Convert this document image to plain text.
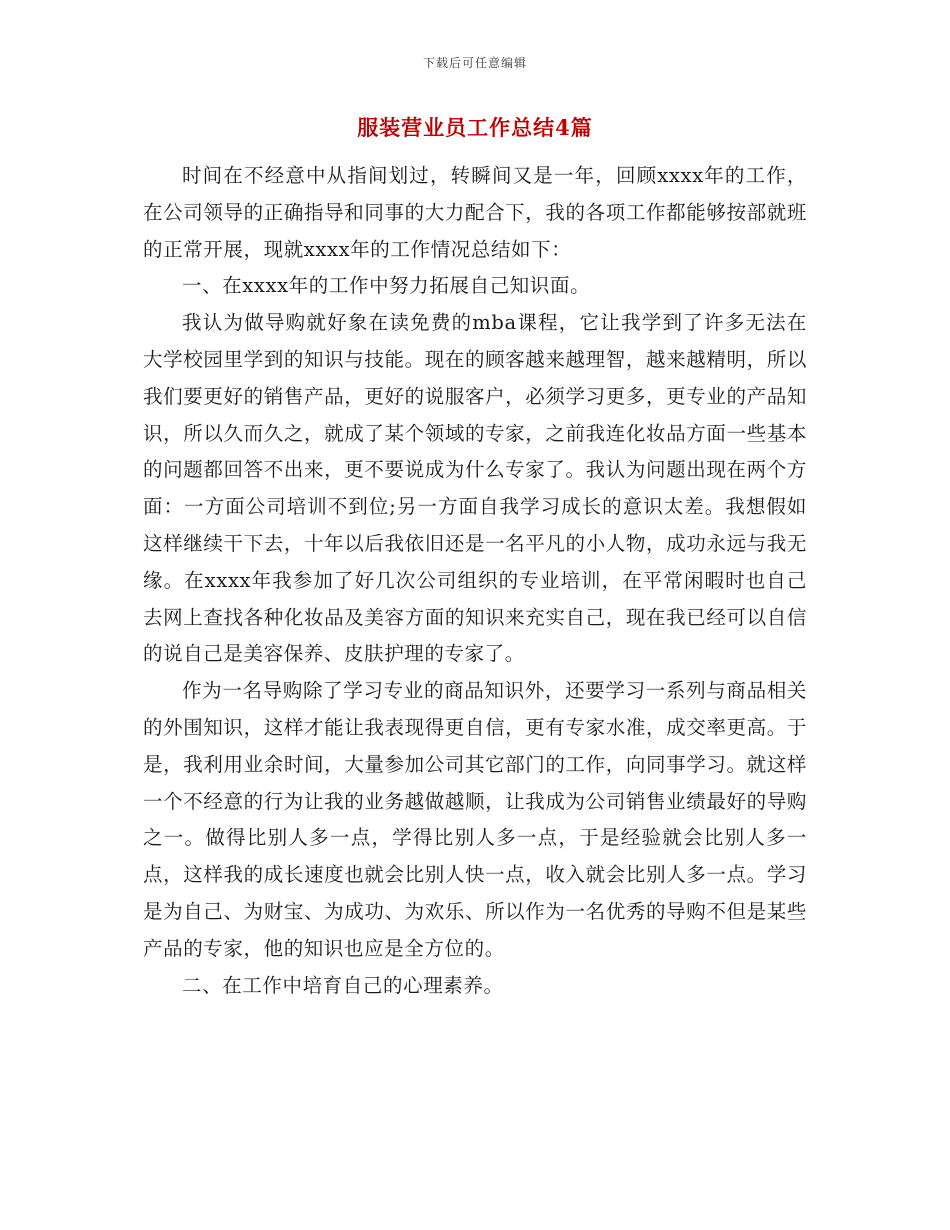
下载后可任意编辑
服装营业员工作总结4篇

时间在不经意中从指间划过，转瞬间又是一年，回顾xxxx年的工作，在公司领导的正确指导和同事的大力配合下，我的各项工作都能够按部就班的正常开展，现就xxxx年的工作情况总结如下：

一、在xxxx年的工作中努力拓展自己知识面。

我认为做导购就好象在读免费的mba课程，它让我学到了许多无法在大学校园里学到的知识与技能。现在的顾客越来越理智，越来越精明，所以我们要更好的销售产品，更好的说服客户，必须学习更多，更专业的产品知识，所以久而久之，就成了某个领域的专家，之前我连化妆品方面一些基本的问题都回答不出来，更不要说成为什么专家了。我认为问题出现在两个方面：一方面公司培训不到位;另一方面自我学习成长的意识太差。我想假如这样继续干下去，十年以后我依旧还是一名平凡的小人物，成功永远与我无缘。在xxxx年我参加了好几次公司组织的专业培训，在平常闲暇时也自己去网上查找各种化妆品及美容方面的知识来充实自己，现在我已经可以自信的说自己是美容保养、皮肤护理的专家了。

作为一名导购除了学习专业的商品知识外，还要学习一系列与商品相关的外围知识，这样才能让我表现得更自信，更有专家水准，成交率更高。于是，我利用业余时间，大量参加公司其它部门的工作，向同事学习。就这样一个不经意的行为让我的业务越做越顺，让我成为公司销售业绩最好的导购之一。做得比别人多一点，学得比别人多一点，于是经验就会比别人多一点，这样我的成长速度也就会比别人快一点，收入就会比别人多一点。学习是为自己、为财宝、为成功、为欢乐、所以作为一名优秀的导购不但是某些产品的专家，他的知识也应是全方位的。

二、在工作中培育自己的心理素养。
